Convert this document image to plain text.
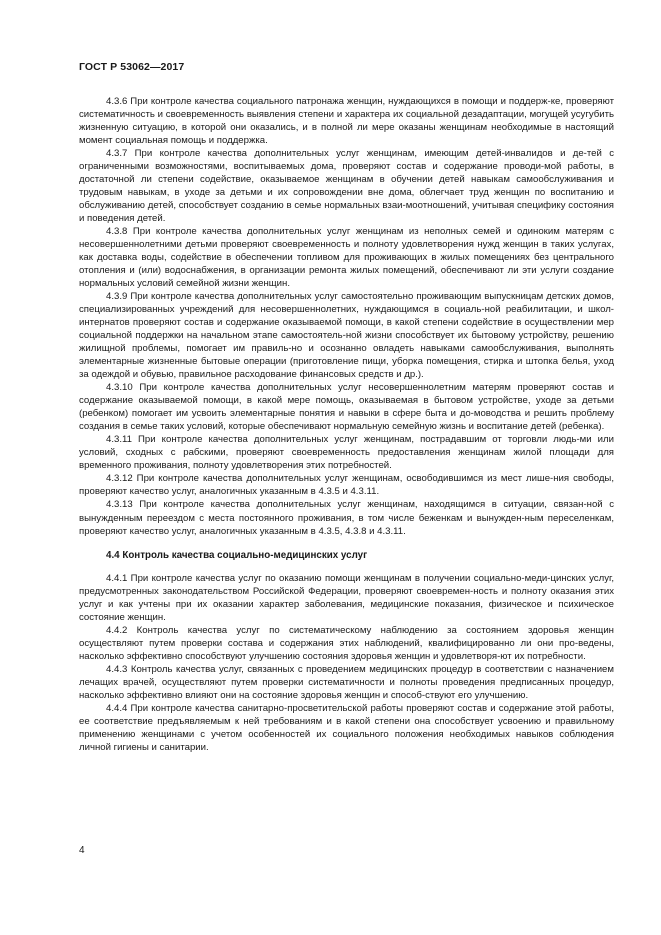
ГОСТ Р 53062—2017

4.3.6 При контроле качества социального патронажа женщин, нуждающихся в помощи и поддерж-ке, проверяют систематичность и своевременность выявления степени и характера их социальной дезадаптации, могущей усугубить жизненную ситуацию, в которой они оказались, и в полной ли мере оказаны женщинам необходимые в настоящий момент социальная помощь и поддержка.

4.3.7 При контроле качества дополнительных услуг женщинам, имеющим детей-инвалидов и де-тей с ограниченными возможностями, воспитываемых дома, проверяют состав и содержание проводи-мой работы, в достаточной ли степени содействие, оказываемое женщинам в обучении детей навыкам самообслуживания и трудовым навыкам, в уходе за детьми и их сопровождении вне дома, облегчает труд женщин по воспитанию и обслуживанию детей, способствует созданию в семье нормальных взаи-моотношений, учитывая специфику состояния и поведения детей.

4.3.8 При контроле качества дополнительных услуг женщинам из неполных семей и одиноким матерям с несовершеннолетними детьми проверяют своевременность и полноту удовлетворения нужд женщин в таких услугах, как доставка воды, содействие в обеспечении топливом для проживающих в жилых помещениях без центрального отопления и (или) водоснабжения, в организации ремонта жилых помещений, обеспечивают ли эти услуги создание нормальных условий семейной жизни женщин.

4.3.9 При контроле качества дополнительных услуг самостоятельно проживающим выпускницам детских домов, специализированных учреждений для несовершеннолетних, нуждающимся в социаль-ной реабилитации, и школ-интернатов проверяют состав и содержание оказываемой помощи, в какой степени содействие в осуществлении мер социальной поддержки на начальном этапе самостоятель-ной жизни способствует их бытовому устройству, решению жилищной проблемы, помогает им правиль-но и осознанно овладеть навыками самообслуживания, выполнять элементарные жизненные бытовые операции (приготовление пищи, уборка помещения, стирка и штопка белья, уход за одеждой и обувью, правильное расходование финансовых средств и др.).

4.3.10 При контроле качества дополнительных услуг несовершеннолетним матерям проверяют состав и содержание оказываемой помощи, в какой мере помощь, оказываемая в бытовом устройстве, уходе за детьми (ребенком) помогает им усвоить элементарные понятия и навыки в сфере быта и до-моводства и решить проблему создания в семье таких условий, которые обеспечивают нормальную семейную жизнь и воспитание детей (ребенка).

4.3.11 При контроле качества дополнительных услуг женщинам, пострадавшим от торговли людь-ми или условий, сходных с рабскими, проверяют своевременность предоставления женщинам жилой площади для временного проживания, полноту удовлетворения этих потребностей.

4.3.12 При контроле качества дополнительных услуг женщинам, освободившимся из мест лише-ния свободы, проверяют качество услуг, аналогичных указанным в 4.3.5 и 4.3.11.

4.3.13 При контроле качества дополнительных услуг женщинам, находящимся в ситуации, связан-ной с вынужденным переездом с места постоянного проживания, в том числе беженкам и вынужден-ным переселенкам, проверяют качество услуг, аналогичных указанным в 4.3.5, 4.3.8 и 4.3.11.

4.4 Контроль качества социально-медицинских услуг

4.4.1 При контроле качества услуг по оказанию помощи женщинам в получении социально-меди-цинских услуг, предусмотренных законодательством Российской Федерации, проверяют своевремен-ность и полноту оказания этих услуг и как учтены при их оказании характер заболевания, медицинские показания, физическое и психическое состояние женщин.

4.4.2 Контроль качества услуг по систематическому наблюдению за состоянием здоровья женщин осуществляют путем проверки состава и содержания этих наблюдений, квалифицированно ли они про-ведены, насколько эффективно способствуют улучшению состояния здоровья женщин и удовлетворя-ют их потребности.

4.4.3 Контроль качества услуг, связанных с проведением медицинских процедур в соответствии с назначением лечащих врачей, осуществляют путем проверки систематичности и полноты проведения предписанных процедур, насколько эффективно влияют они на состояние здоровья женщин и способ-ствуют его улучшению.

4.4.4 При контроле качества санитарно-просветительской работы проверяют состав и содержание этой работы, ее соответствие предъявляемым к ней требованиям и в какой степени она способствует усвоению и правильному применению женщинами с учетом особенностей их социального положения необходимых навыков соблюдения личной гигиены и санитарии.

4
